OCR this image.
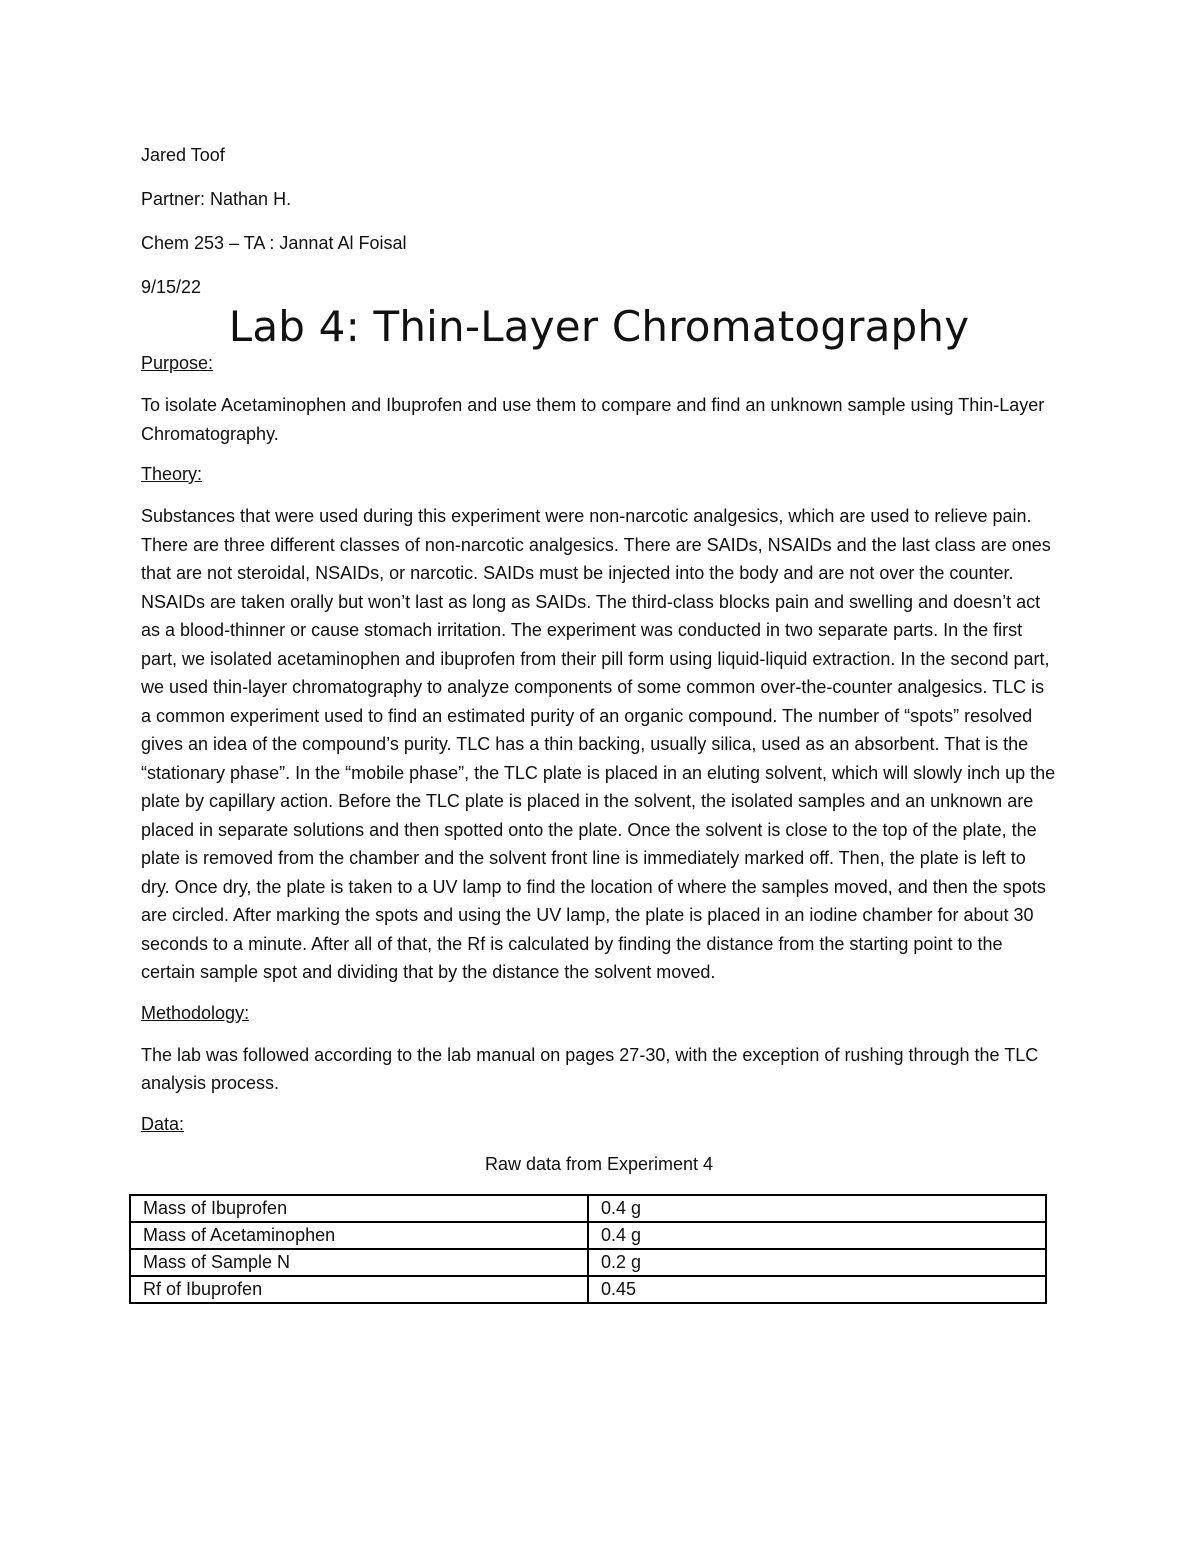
Jared Toof
Partner: Nathan H.
Chem 253 – TA : Jannat Al Foisal
9/15/22
Lab 4: Thin-Layer Chromatography
Purpose:
To isolate Acetaminophen and Ibuprofen and use them to compare and find an unknown sample using Thin-Layer Chromatography.
Theory:
Substances that were used during this experiment were non-narcotic analgesics, which are used to relieve pain. There are three different classes of non-narcotic analgesics. There are SAIDs, NSAIDs and the last class are ones that are not steroidal, NSAIDs, or narcotic. SAIDs must be injected into the body and are not over the counter. NSAIDs are taken orally but won’t last as long as SAIDs. The third-class blocks pain and swelling and doesn’t act as a blood-thinner or cause stomach irritation. The experiment was conducted in two separate parts. In the first part, we isolated acetaminophen and ibuprofen from their pill form using liquid-liquid extraction. In the second part, we used thin-layer chromatography to analyze components of some common over-the-counter analgesics. TLC is a common experiment used to find an estimated purity of an organic compound. The number of “spots” resolved gives an idea of the compound’s purity. TLC has a thin backing, usually silica, used as an absorbent. That is the “stationary phase”. In the “mobile phase”, the TLC plate is placed in an eluting solvent, which will slowly inch up the plate by capillary action. Before the TLC plate is placed in the solvent, the isolated samples and an unknown are placed in separate solutions and then spotted onto the plate. Once the solvent is close to the top of the plate, the plate is removed from the chamber and the solvent front line is immediately marked off. Then, the plate is left to dry. Once dry, the plate is taken to a UV lamp to find the location of where the samples moved, and then the spots are circled. After marking the spots and using the UV lamp, the plate is placed in an iodine chamber for about 30 seconds to a minute. After all of that, the Rf is calculated by finding the distance from the starting point to the certain sample spot and dividing that by the distance the solvent moved.
Methodology:
The lab was followed according to the lab manual on pages 27-30, with the exception of rushing through the TLC analysis process.
Data:
Raw data from Experiment 4
Mass of Ibuprofen	0.4 g
Mass of Acetaminophen	0.4 g
Mass of Sample N	0.2 g
Rf of Ibuprofen	0.45
